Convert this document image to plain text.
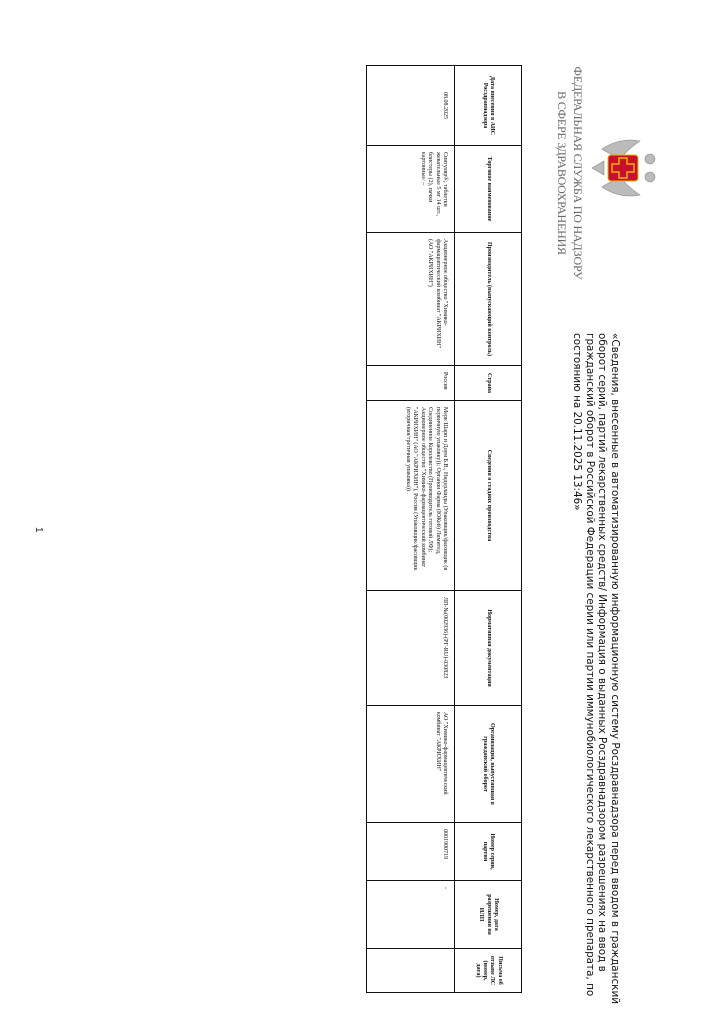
ФЕДЕРАЛЬНАЯ СЛУЖБА ПО НАДЗОРУ
В СФЕРЕ ЗДРАВООХРАНЕНИЯ
«Сведения, внесенные в автоматизированную информационную систему Росздравнадзора перед вводом в гражданский оборот серий, партий лекарственных средств/ Информация о выданных Росздравнадзором разрешениях на ввод в гражданский оборот в Российской Федерации серии или партии иммунобиологического лекарственного препарата, по состоянию на 20.11.2025 13:46»
Дата внесения в АИС Росздравнадзора	Торговое наименование	Производитель (выпускающий контроль)	Страна	Сведения о стадиях производства	Нормативная документация	Организация, выпустившая в гражданский оборот	Номер серии, партии	Номер, дата разрешения на ИЛП	Письма об отзыве ЛС (номер, дата)
08.08.2025	Сингуляр®; таблетки жевательные 5 мг 14 шт., блистеры (2), пачки картонные/ –	Акционерное общество "Химико-фармацевтический комбинат "АКРИХИН" (АО "АКРИХИН")	Россия	Мерк Шарп и Доум Б.В., Нидерланды (Упаковщик/фасовщик (в первичную упаковку)); Органон Фарма (ЮКей) Лимитед, Соединенное Королевство (Производитель готовой ЛФ); Акционерное общество "Химико-фармацевтический комбинат "АКРИХИН" (АО "АКРИХИН"), Россия (Упаковщик/фасовщик (вторичная/третичная упаковка))	ЛП-№(002936)-(РГ-RU)-030823	АО "Химико-фармацевтический комбинат "АКРИХИН"	0001900719	-	
1
